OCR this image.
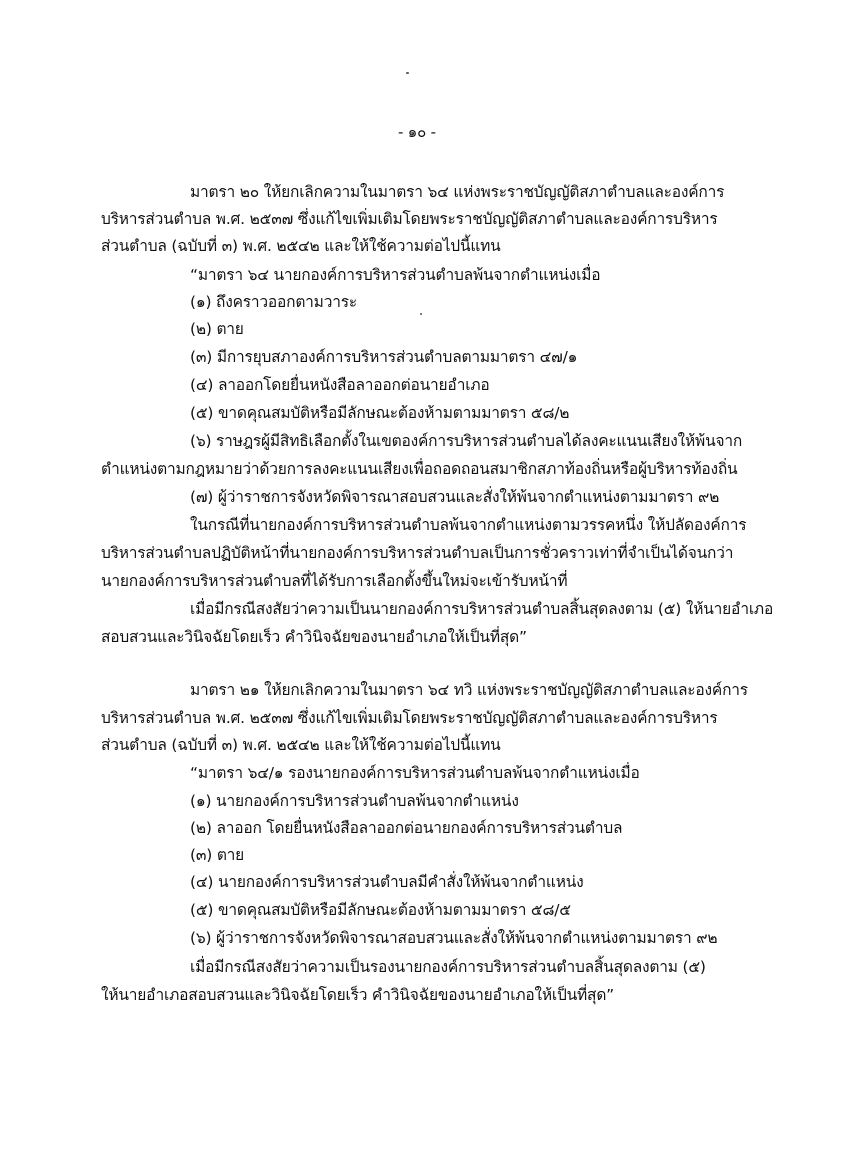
- ๑๐ -
มาตรา ๒๐ ให้ยกเลิกความในมาตรา ๖๔ แห่งพระราชบัญญัติสภาตำบลและองค์การ
บริหารส่วนตำบล พ.ศ. ๒๕๓๗ ซึ่งแก้ไขเพิ่มเติมโดยพระราชบัญญัติสภาตำบลและองค์การบริหาร
ส่วนตำบล (ฉบับที่ ๓) พ.ศ. ๒๕๔๒ และให้ใช้ความต่อไปนี้แทน
“มาตรา ๖๔ นายกองค์การบริหารส่วนตำบลพ้นจากตำแหน่งเมื่อ
(๑) ถึงคราวออกตามวาระ
(๒) ตาย
(๓) มีการยุบสภาองค์การบริหารส่วนตำบลตามมาตรา ๔๗/๑
(๔) ลาออกโดยยื่นหนังสือลาออกต่อนายอำเภอ
(๕) ขาดคุณสมบัติหรือมีลักษณะต้องห้ามตามมาตรา ๕๘/๒
(๖) ราษฎรผู้มีสิทธิเลือกตั้งในเขตองค์การบริหารส่วนตำบลได้ลงคะแนนเสียงให้พ้นจาก
ตำแหน่งตามกฎหมายว่าด้วยการลงคะแนนเสียงเพื่อถอดถอนสมาชิกสภาท้องถิ่นหรือผู้บริหารท้องถิ่น
(๗) ผู้ว่าราชการจังหวัดพิจารณาสอบสวนและสั่งให้พ้นจากตำแหน่งตามมาตรา ๙๒
ในกรณีที่นายกองค์การบริหารส่วนตำบลพ้นจากตำแหน่งตามวรรคหนึ่ง ให้ปลัดองค์การ
บริหารส่วนตำบลปฏิบัติหน้าที่นายกองค์การบริหารส่วนตำบลเป็นการชั่วคราวเท่าที่จำเป็นได้จนกว่า
นายกองค์การบริหารส่วนตำบลที่ได้รับการเลือกตั้งขึ้นใหม่จะเข้ารับหน้าที่
เมื่อมีกรณีสงสัยว่าความเป็นนายกองค์การบริหารส่วนตำบลสิ้นสุดลงตาม (๕) ให้นายอำเภอ
สอบสวนและวินิจฉัยโดยเร็ว คำวินิจฉัยของนายอำเภอให้เป็นที่สุด”
มาตรา ๒๑ ให้ยกเลิกความในมาตรา ๖๔ ทวิ แห่งพระราชบัญญัติสภาตำบลและองค์การ
บริหารส่วนตำบล พ.ศ. ๒๕๓๗ ซึ่งแก้ไขเพิ่มเติมโดยพระราชบัญญัติสภาตำบลและองค์การบริหาร
ส่วนตำบล (ฉบับที่ ๓) พ.ศ. ๒๕๔๒ และให้ใช้ความต่อไปนี้แทน
“มาตรา ๖๔/๑ รองนายกองค์การบริหารส่วนตำบลพ้นจากตำแหน่งเมื่อ
(๑) นายกองค์การบริหารส่วนตำบลพ้นจากตำแหน่ง
(๒) ลาออก โดยยื่นหนังสือลาออกต่อนายกองค์การบริหารส่วนตำบล
(๓) ตาย
(๔) นายกองค์การบริหารส่วนตำบลมีคำสั่งให้พ้นจากตำแหน่ง
(๕) ขาดคุณสมบัติหรือมีลักษณะต้องห้ามตามมาตรา ๕๘/๕
(๖) ผู้ว่าราชการจังหวัดพิจารณาสอบสวนและสั่งให้พ้นจากตำแหน่งตามมาตรา ๙๒
เมื่อมีกรณีสงสัยว่าความเป็นรองนายกองค์การบริหารส่วนตำบลสิ้นสุดลงตาม (๕)
ให้นายอำเภอสอบสวนและวินิจฉัยโดยเร็ว คำวินิจฉัยของนายอำเภอให้เป็นที่สุด”
